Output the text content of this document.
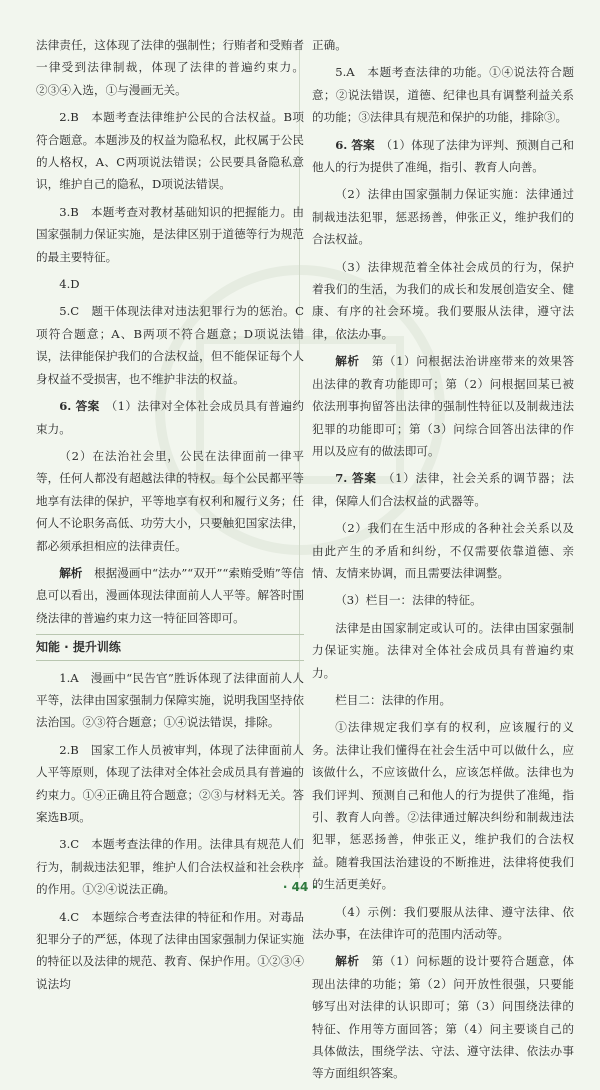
法律责任，这体现了法律的强制性；行贿者和受贿者一律受到法律制裁，体现了法律的普遍约束力。②③④入选，①与漫画无关。

2.B　本题考查法律维护公民的合法权益。B项符合题意。本题涉及的权益为隐私权，此权属于公民的人格权，A、C两项说法错误；公民要具备隐私意识，维护自己的隐私，D项说法错误。

3.B　本题考查对教材基础知识的把握能力。由国家强制力保证实施，是法律区别于道德等行为规范的最主要特征。

4.D

5.C　题干体现法律对违法犯罪行为的惩治。C项符合题意；A、B两项不符合题意；D项说法错误，法律能保护我们的合法权益，但不能保证每个人身权益不受损害，也不维护非法的权益。

6. 答案　 （1）法律对全体社会成员具有普遍约束力。

（2）在法治社会里，公民在法律面前一律平等，任何人都没有超越法律的特权。每个公民都平等地享有法律的保护，平等地享有权利和履行义务；任何人不论职务高低、功劳大小，只要触犯国家法律，都必须承担相应的法律责任。

解析　 根据漫画中“法办”“双开”“索贿受贿”等信息可以看出，漫画体现法律面前人人平等。解答时围绕法律的普遍约束力这一特征回答即可。

知能 · 提升训练

1.A　漫画中“民告官”胜诉体现了法律面前人人平等，法律由国家强制力保障实施，说明我国坚持依法治国。②③符合题意；①④说法错误，排除。

2.B　国家工作人员被审判，体现了法律面前人人平等原则，体现了法律对全体社会成员具有普遍的约束力。①④正确且符合题意；②③与材料无关。答案选B项。

3.C　本题考查法律的作用。法律具有规范人们行为，制裁违法犯罪，维护人们合法权益和社会秩序的作用。①②④说法正确。

4.C　本题综合考查法律的特征和作用。对毒品犯罪分子的严惩，体现了法律由国家强制力保证实施的特征以及法律的规范、教育、保护作用。①②③④说法均

正确。

5.A　本题考查法律的功能。①④说法符合题意；②说法错误，道德、纪律也具有调整利益关系的功能；③法律具有规范和保护的功能，排除③。

6. 答案　 （1）体现了法律为评判、预测自己和他人的行为提供了准绳，指引、教育人向善。

（2）法律由国家强制力保证实施：法律通过制裁违法犯罪，惩恶扬善，伸张正义，维护我们的合法权益。

（3）法律规范着全体社会成员的行为，保护着我们的生活，为我们的成长和发展创造安全、健康、有序的社会环境。我们要服从法律，遵守法律，依法办事。

解析　 第（1）问根据法治讲座带来的效果答出法律的教育功能即可；第（2）问根据回某已被依法刑事拘留答出法律的强制性特征以及制裁违法犯罪的功能即可；第（3）问综合回答出法律的作用以及应有的做法即可。

7. 答案　 （1）法律，社会关系的调节器；法律，保障人们合法权益的武器等。

（2）我们在生活中形成的各种社会关系以及由此产生的矛盾和纠纷，不仅需要依靠道德、亲情、友情来协调，而且需要法律调整。

（3）栏目一：法律的特征。

法律是由国家制定或认可的。法律由国家强制力保证实施。法律对全体社会成员具有普遍约束力。

栏目二：法律的作用。

①法律规定我们享有的权利，应该履行的义务。法律让我们懂得在社会生活中可以做什么，应该做什么，不应该做什么，应该怎样做。法律也为我们评判、预测自己和他人的行为提供了准绳，指引、教育人向善。②法律通过解决纠纷和制裁违法犯罪，惩恶扬善，伸张正义，维护我们的合法权益。随着我国法治建设的不断推进，法律将使我们的生活更美好。

（4）示例：我们要服从法律、遵守法律、依法办事，在法律许可的范围内活动等。

解析　 第（1）问标题的设计要符合题意，体现出法律的功能；第（2）问开放性很强，只要能够写出对法律的认识即可；第（3）问围绕法律的特征、作用等方面回答；第（4）问主要谈自己的具体做法，围绕学法、守法、遵守法律、依法办事等方面组织答案。

· 44 ·
